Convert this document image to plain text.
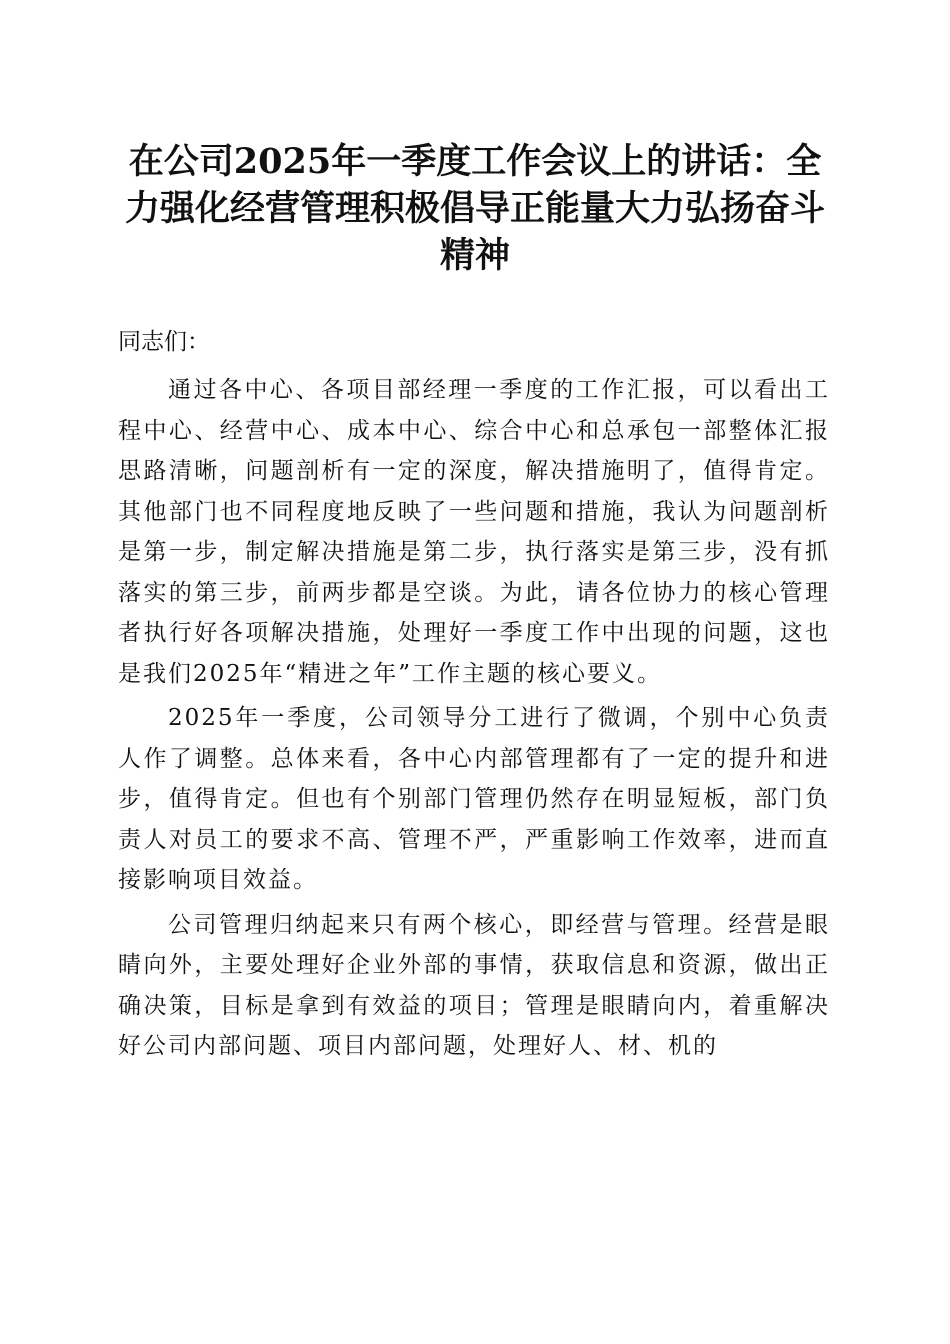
在公司2025年一季度工作会议上的讲话：全力强化经营管理积极倡导正能量大力弘扬奋斗精神

同志们：

通过各中心、各项目部经理一季度的工作汇报，可以看出工程中心、经营中心、成本中心、综合中心和总承包一部整体汇报思路清晰，问题剖析有一定的深度，解决措施明了，值得肯定。其他部门也不同程度地反映了一些问题和措施，我认为问题剖析是第一步，制定解决措施是第二步，执行落实是第三步，没有抓落实的第三步，前两步都是空谈。为此，请各位协力的核心管理者执行好各项解决措施，处理好一季度工作中出现的问题，这也是我们2025年“精进之年”工作主题的核心要义。

2025年一季度，公司领导分工进行了微调，个别中心负责人作了调整。总体来看，各中心内部管理都有了一定的提升和进步，值得肯定。但也有个别部门管理仍然存在明显短板，部门负责人对员工的要求不高、管理不严，严重影响工作效率，进而直接影响项目效益。

公司管理归纳起来只有两个核心，即经营与管理。经营是眼睛向外，主要处理好企业外部的事情，获取信息和资源，做出正确决策，目标是拿到有效益的项目；管理是眼睛向内，着重解决好公司内部问题、项目内部问题，处理好人、材、机的
